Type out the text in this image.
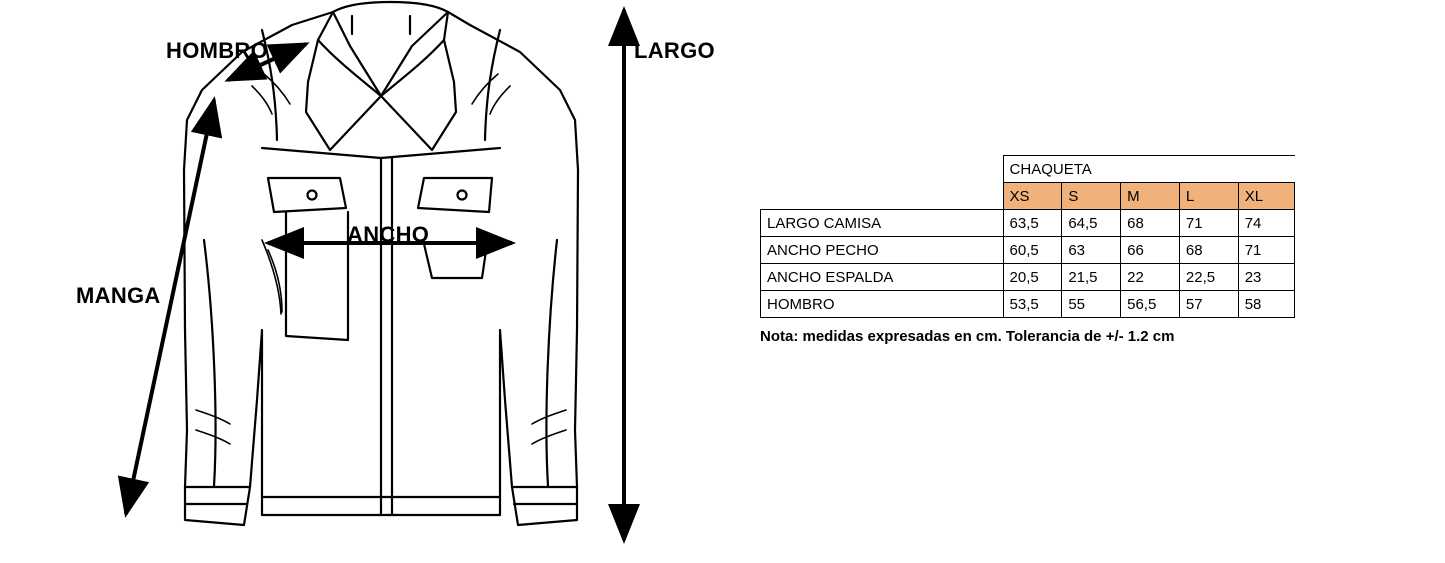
HOMBRO	LARGO
ANCHO
MANGA
	CHAQUETA				
	XS	S	M	L	XL
LARGO CAMISA	63,5	64,5	68	71	74
ANCHO PECHO	60,5	63	66	68	71
ANCHO ESPALDA	20,5	21,5	22	22,5	23
HOMBRO	53,5	55	56,5	57	58
Nota: medidas expresadas en cm. Tolerancia de +/- 1.2 cm
